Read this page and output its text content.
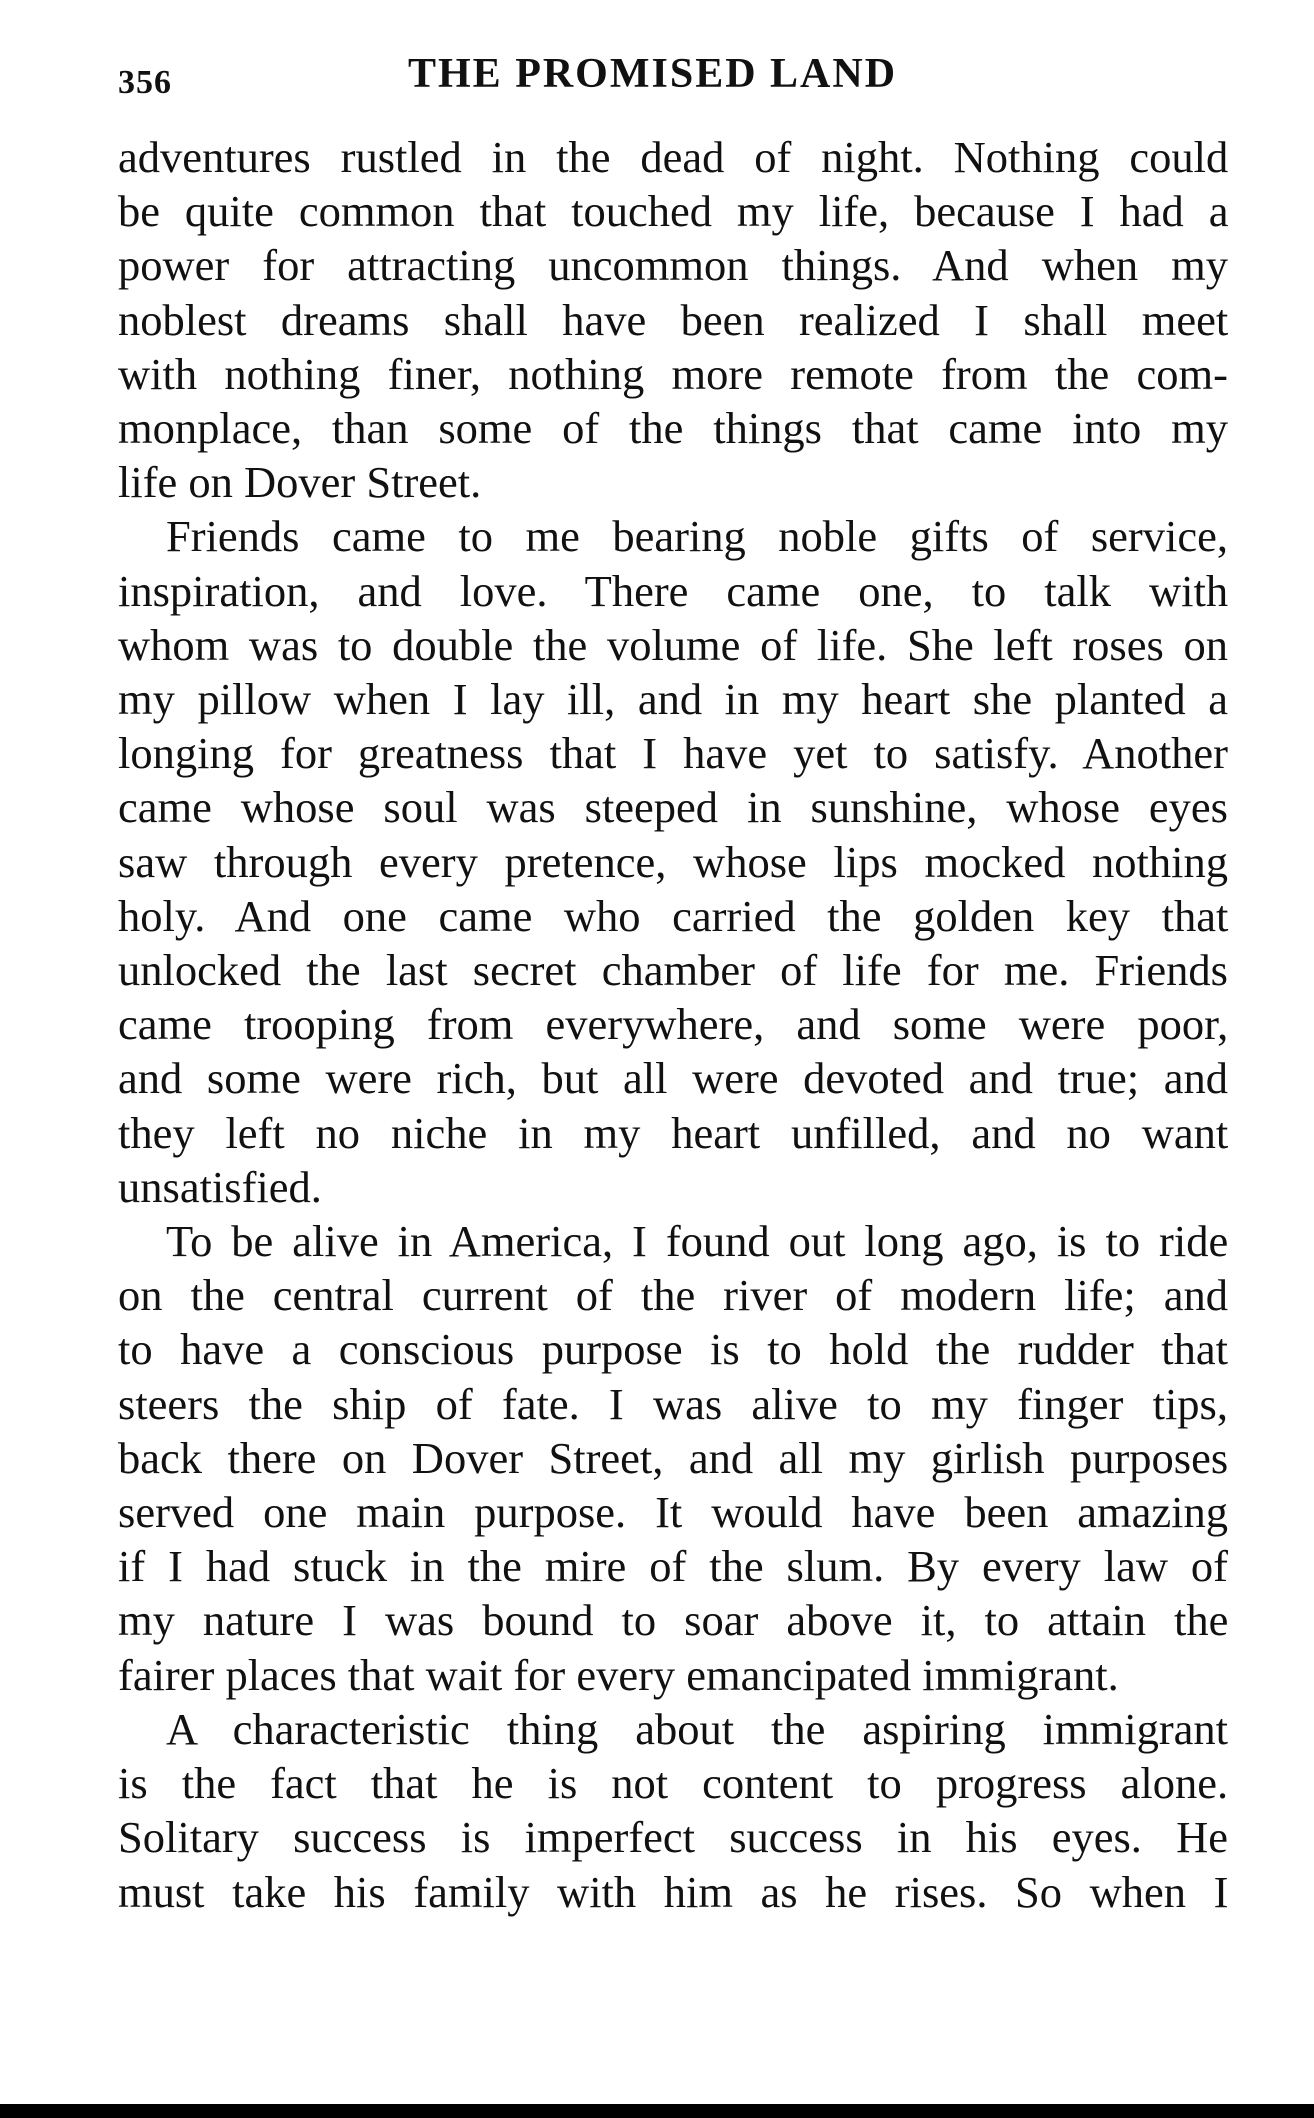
356	THE PROMISED LAND
adventures rustled in the dead of night. Nothing could
be quite common that touched my life, because I had a
power for attracting uncommon things. And when my
noblest dreams shall have been realized I shall meet
with nothing finer, nothing more remote from the com-
monplace, than some of the things that came into my
life on Dover Street.
Friends came to me bearing noble gifts of service,
inspiration, and love. There came one, to talk with
whom was to double the volume of life. She left roses on
my pillow when I lay ill, and in my heart she planted a
longing for greatness that I have yet to satisfy. Another
came whose soul was steeped in sunshine, whose eyes
saw through every pretence, whose lips mocked nothing
holy. And one came who carried the golden key that
unlocked the last secret chamber of life for me. Friends
came trooping from everywhere, and some were poor,
and some were rich, but all were devoted and true; and
they left no niche in my heart unfilled, and no want
unsatisfied.
To be alive in America, I found out long ago, is to ride
on the central current of the river of modern life; and
to have a conscious purpose is to hold the rudder that
steers the ship of fate. I was alive to my finger tips,
back there on Dover Street, and all my girlish purposes
served one main purpose. It would have been amazing
if I had stuck in the mire of the slum. By every law of
my nature I was bound to soar above it, to attain the
fairer places that wait for every emancipated immigrant.
A characteristic thing about the aspiring immigrant
is the fact that he is not content to progress alone.
Solitary success is imperfect success in his eyes. He
must take his family with him as he rises. So when I
